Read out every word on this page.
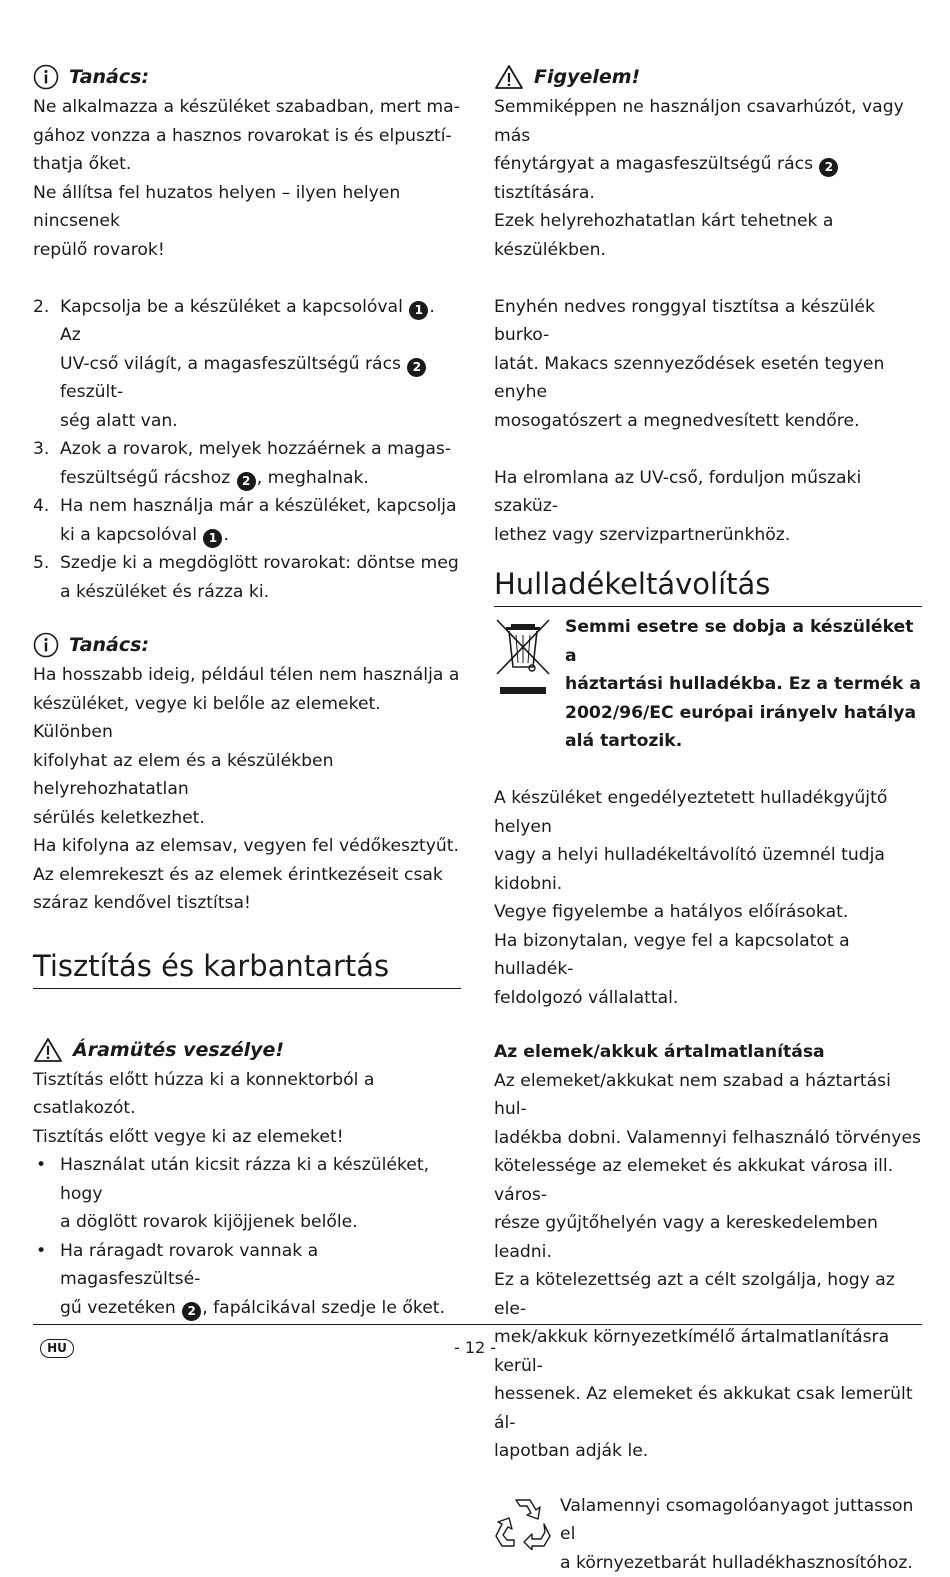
Tanács:

Ne alkalmazza a készüléket szabadban, mert ma-

gához vonzza a hasznos rovarokat is és elpusztí-

thatja őket.

Ne állítsa fel huzatos helyen – ilyen helyen nincsenek

repülő rovarok!

2. Kapcsolja be a készüléket a kapcsolóval 1 . Az
UV-cső világít, a magasfeszültségű rács 2 feszült-
ség alatt van.
3. Azok a rovarok, melyek hozzáérnek a magas-
feszültségű rácshoz 2 , meghalnak.
4. Ha nem használja már a készüléket, kapcsolja
ki a kapcsolóval 1 .
5. Szedje ki a megdöglött rovarokat: döntse meg
a készüléket és rázza ki.
Tanács:

Ha hosszabb ideig, például télen nem használja a

készüléket, vegye ki belőle az elemeket. Különben

kifolyhat az elem és a készülékben helyrehozhatatlan

sérülés keletkezhet.

Ha kifolyna az elemsav, vegyen fel védőkesztyűt.

Az elemrekeszt és az elemek érintkezéseit csak

száraz kendővel tisztítsa!

Tisztítás és karbantartás
Áramütés veszélye!

Tisztítás előtt húzza ki a konnektorból a csatlakozót.

Tisztítás előtt vegye ki az elemeket!

• Használat után kicsit rázza ki a készüléket, hogy
a döglött rovarok kijöjjenek belőle.
• Ha ráragadt rovarok vannak a magasfeszültsé-
gű vezetéken 2 , fapálcikával szedje le őket.
Figyelem!

Semmiképpen ne használjon csavarhúzót, vagy más

fénytárgyat a magasfeszültségű rács 2 tisztítására.

Ezek helyrehozhatatlan kárt tehetnek a készülékben.

Enyhén nedves ronggyal tisztítsa a készülék burko-

latát. Makacs szennyeződések esetén tegyen enyhe

mosogatószert a megnedvesített kendőre.

Ha elromlana az UV-cső, forduljon műszaki szaküz-

lethez vagy szervizpartnerünkhöz.

Hulladékeltávolítás
Semmi esetre se dobja a készüléket a
háztartási hulladékba. Ez a termék a
2002/96/EC európai irányelv hatálya
alá tartozik.

A készüléket engedélyeztetett hulladékgyűjtő helyen

vagy a helyi hulladékeltávolító üzemnél tudja kidobni.

Vegye figyelembe a hatályos előírásokat.

Ha bizonytalan, vegye fel a kapcsolatot a hulladék-

feldolgozó vállalattal.

Az elemek/akkuk ártalmatlanítása

Az elemeket/akkukat nem szabad a háztartási hul-

ladékba dobni. Valamennyi felhasználó törvényes

kötelessége az elemeket és akkukat városa ill. város-

része gyűjtőhelyén vagy a kereskedelemben leadni.

Ez a kötelezettség azt a célt szolgálja, hogy az ele-

mek/akkuk környezetkímélő ártalmatlanításra kerül-

hessenek. Az elemeket és akkukat csak lemerült ál-

lapotban adják le.

Valamennyi csomagolóanyagot juttasson el

a környezetbarát hulladékhasznosítóhoz.

HU	- 12 -
